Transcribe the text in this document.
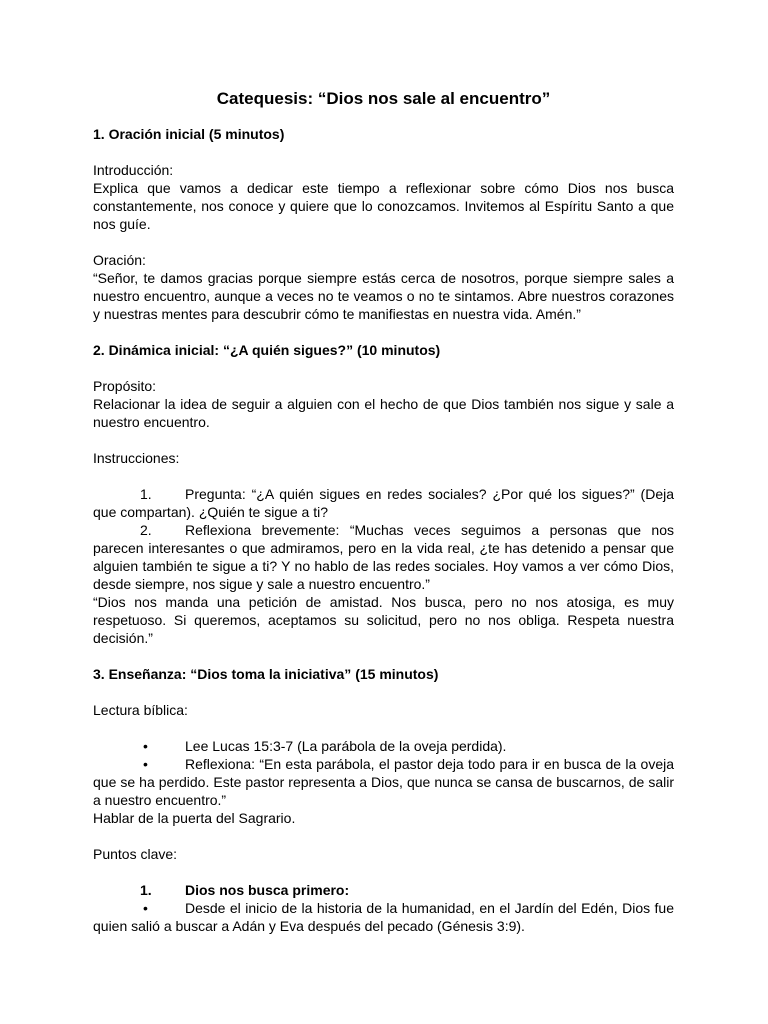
Catequesis: “Dios nos sale al encuentro”
1. Oración inicial (5 minutos)
Introducción:
Explica que vamos a dedicar este tiempo a reflexionar sobre cómo Dios nos busca constantemente, nos conoce y quiere que lo conozcamos. Invitemos al Espíritu Santo a que nos guíe.
Oración:
“Señor, te damos gracias porque siempre estás cerca de nosotros, porque siempre sales a nuestro encuentro, aunque a veces no te veamos o no te sintamos. Abre nuestros corazones y nuestras mentes para descubrir cómo te manifiestas en nuestra vida. Amén.”
2. Dinámica inicial: “¿A quién sigues?” (10 minutos)
Propósito:
Relacionar la idea de seguir a alguien con el hecho de que Dios también nos sigue y sale a nuestro encuentro.
Instrucciones:
1. Pregunta: “¿A quién sigues en redes sociales? ¿Por qué los sigues?” (Deja que compartan). ¿Quién te sigue a ti?
2. Reflexiona brevemente: “Muchas veces seguimos a personas que nos parecen interesantes o que admiramos, pero en la vida real, ¿te has detenido a pensar que alguien también te sigue a ti? Y no hablo de las redes sociales. Hoy vamos a ver cómo Dios, desde siempre, nos sigue y sale a nuestro encuentro.”
“Dios nos manda una petición de amistad. Nos busca, pero no nos atosiga, es muy respetuoso. Si queremos, aceptamos su solicitud, pero no nos obliga. Respeta nuestra decisión.”
3. Enseñanza: “Dios toma la iniciativa” (15 minutos)
Lectura bíblica:
•	Lee Lucas 15:3-7 (La parábola de la oveja perdida).
•	Reflexiona: “En esta parábola, el pastor deja todo para ir en busca de la oveja que se ha perdido. Este pastor representa a Dios, que nunca se cansa de buscarnos, de salir a nuestro encuentro.”
Hablar de la puerta del Sagrario.
Puntos clave:
1. Dios nos busca primero:
•	Desde el inicio de la historia de la humanidad, en el Jardín del Edén, Dios fue quien salió a buscar a Adán y Eva después del pecado (Génesis 3:9).
